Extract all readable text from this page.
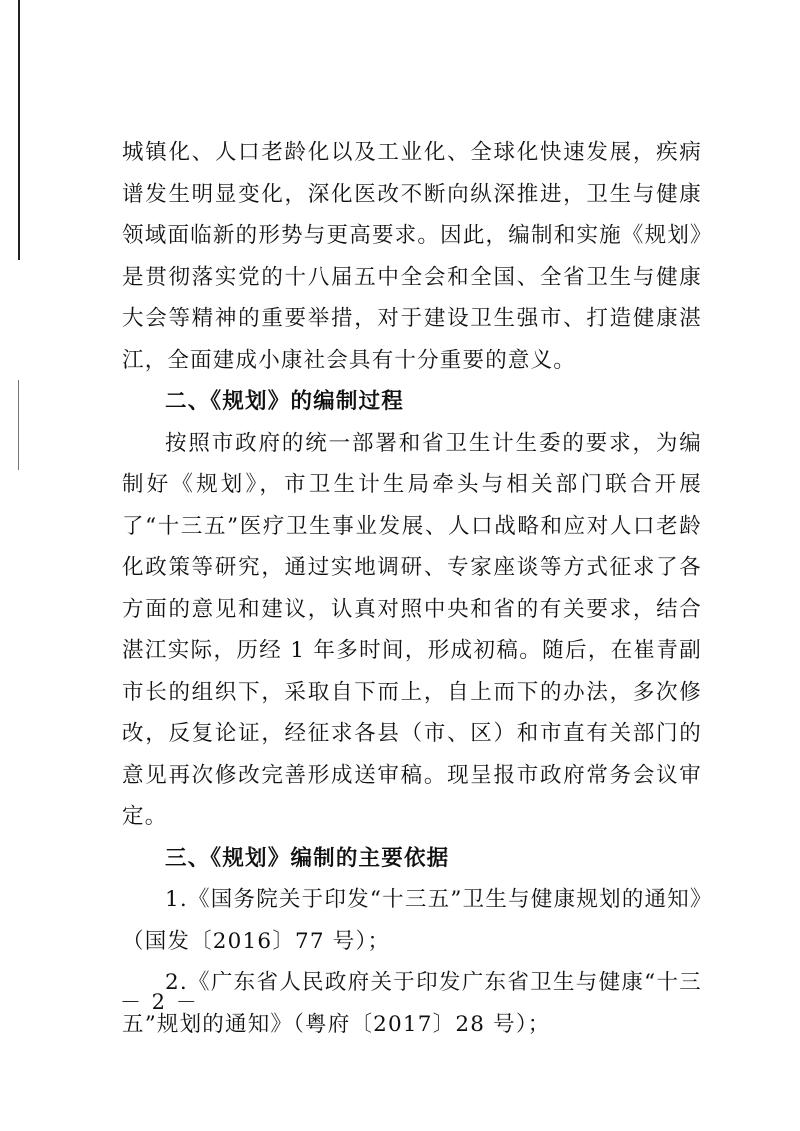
城镇化、人口老龄化以及工业化、全球化快速发展，疾病谱发生明显变化，深化医改不断向纵深推进，卫生与健康领域面临新的形势与更高要求。因此，编制和实施《规划》是贯彻落实党的十八届五中全会和全国、全省卫生与健康大会等精神的重要举措，对于建设卫生强市、打造健康湛江，全面建成小康社会具有十分重要的意义。

二、《规划》的编制过程

按照市政府的统一部署和省卫生计生委的要求，为编制好《规划》，市卫生计生局牵头与相关部门联合开展了“十三五”医疗卫生事业发展、人口战略和应对人口老龄化政策等研究，通过实地调研、专家座谈等方式征求了各方面的意见和建议，认真对照中央和省的有关要求，结合湛江实际，历经 1 年多时间，形成初稿。随后，在崔青副市长的组织下，采取自下而上，自上而下的办法，多次修改，反复论证，经征求各县（市、区）和市直有关部门的意见再次修改完善形成送审稿。现呈报市政府常务会议审定。

三、《规划》编制的主要依据

1.《国务院关于印发“十三五”卫生与健康规划的通知》（国发〔2016〕77 号）；

2.《广东省人民政府关于印发广东省卫生与健康“十三五”规划的通知》（粤府〔2017〕28 号）；

－ 2 －
